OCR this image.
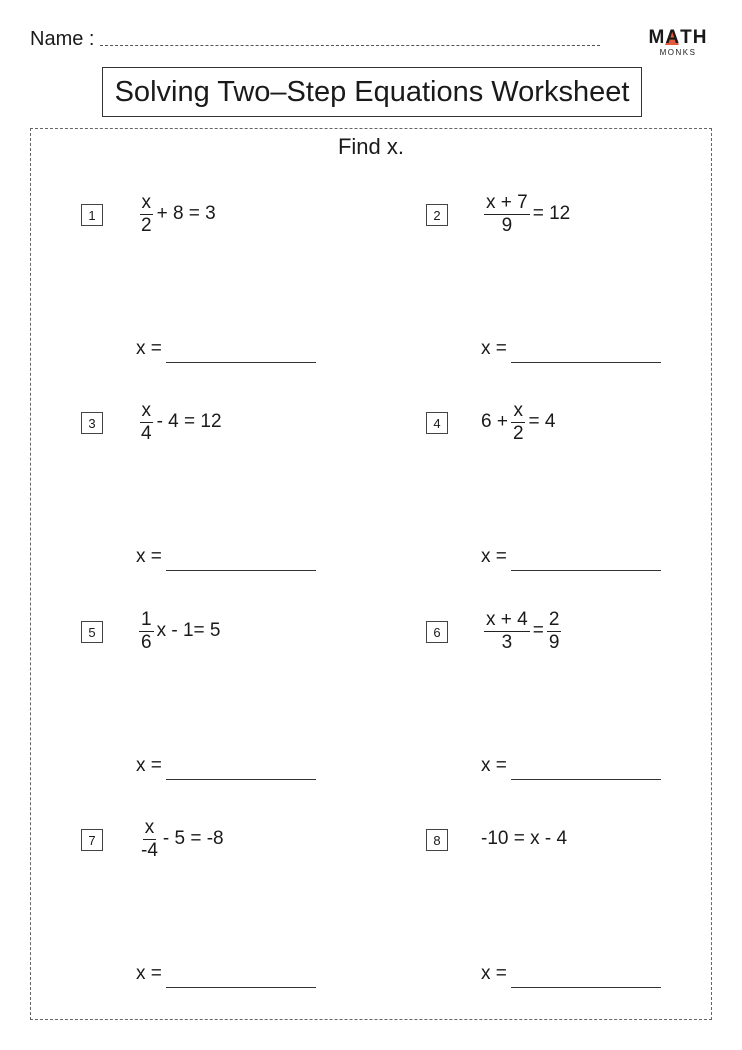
Name :	M
ATH
MONKS
Solving Two–Step Equations Worksheet
Find x.
1	$\frac{x}{2} + 8 = 3$
x =
2	$\frac{x + 7}{9} = 12$
x =
3	$\frac{x}{4} - 4 = 12$
x =
4	$6 + \frac{x}{2} = 4$
x =
5	$\frac{1}{6}$ x - 1= 5
x =
6	$\frac{x + 4}{3} = \frac{2}{9}$
x =
7	$\frac{x}{-4} - 5 = -8$
x =
8	-10 = x - 4
x =
